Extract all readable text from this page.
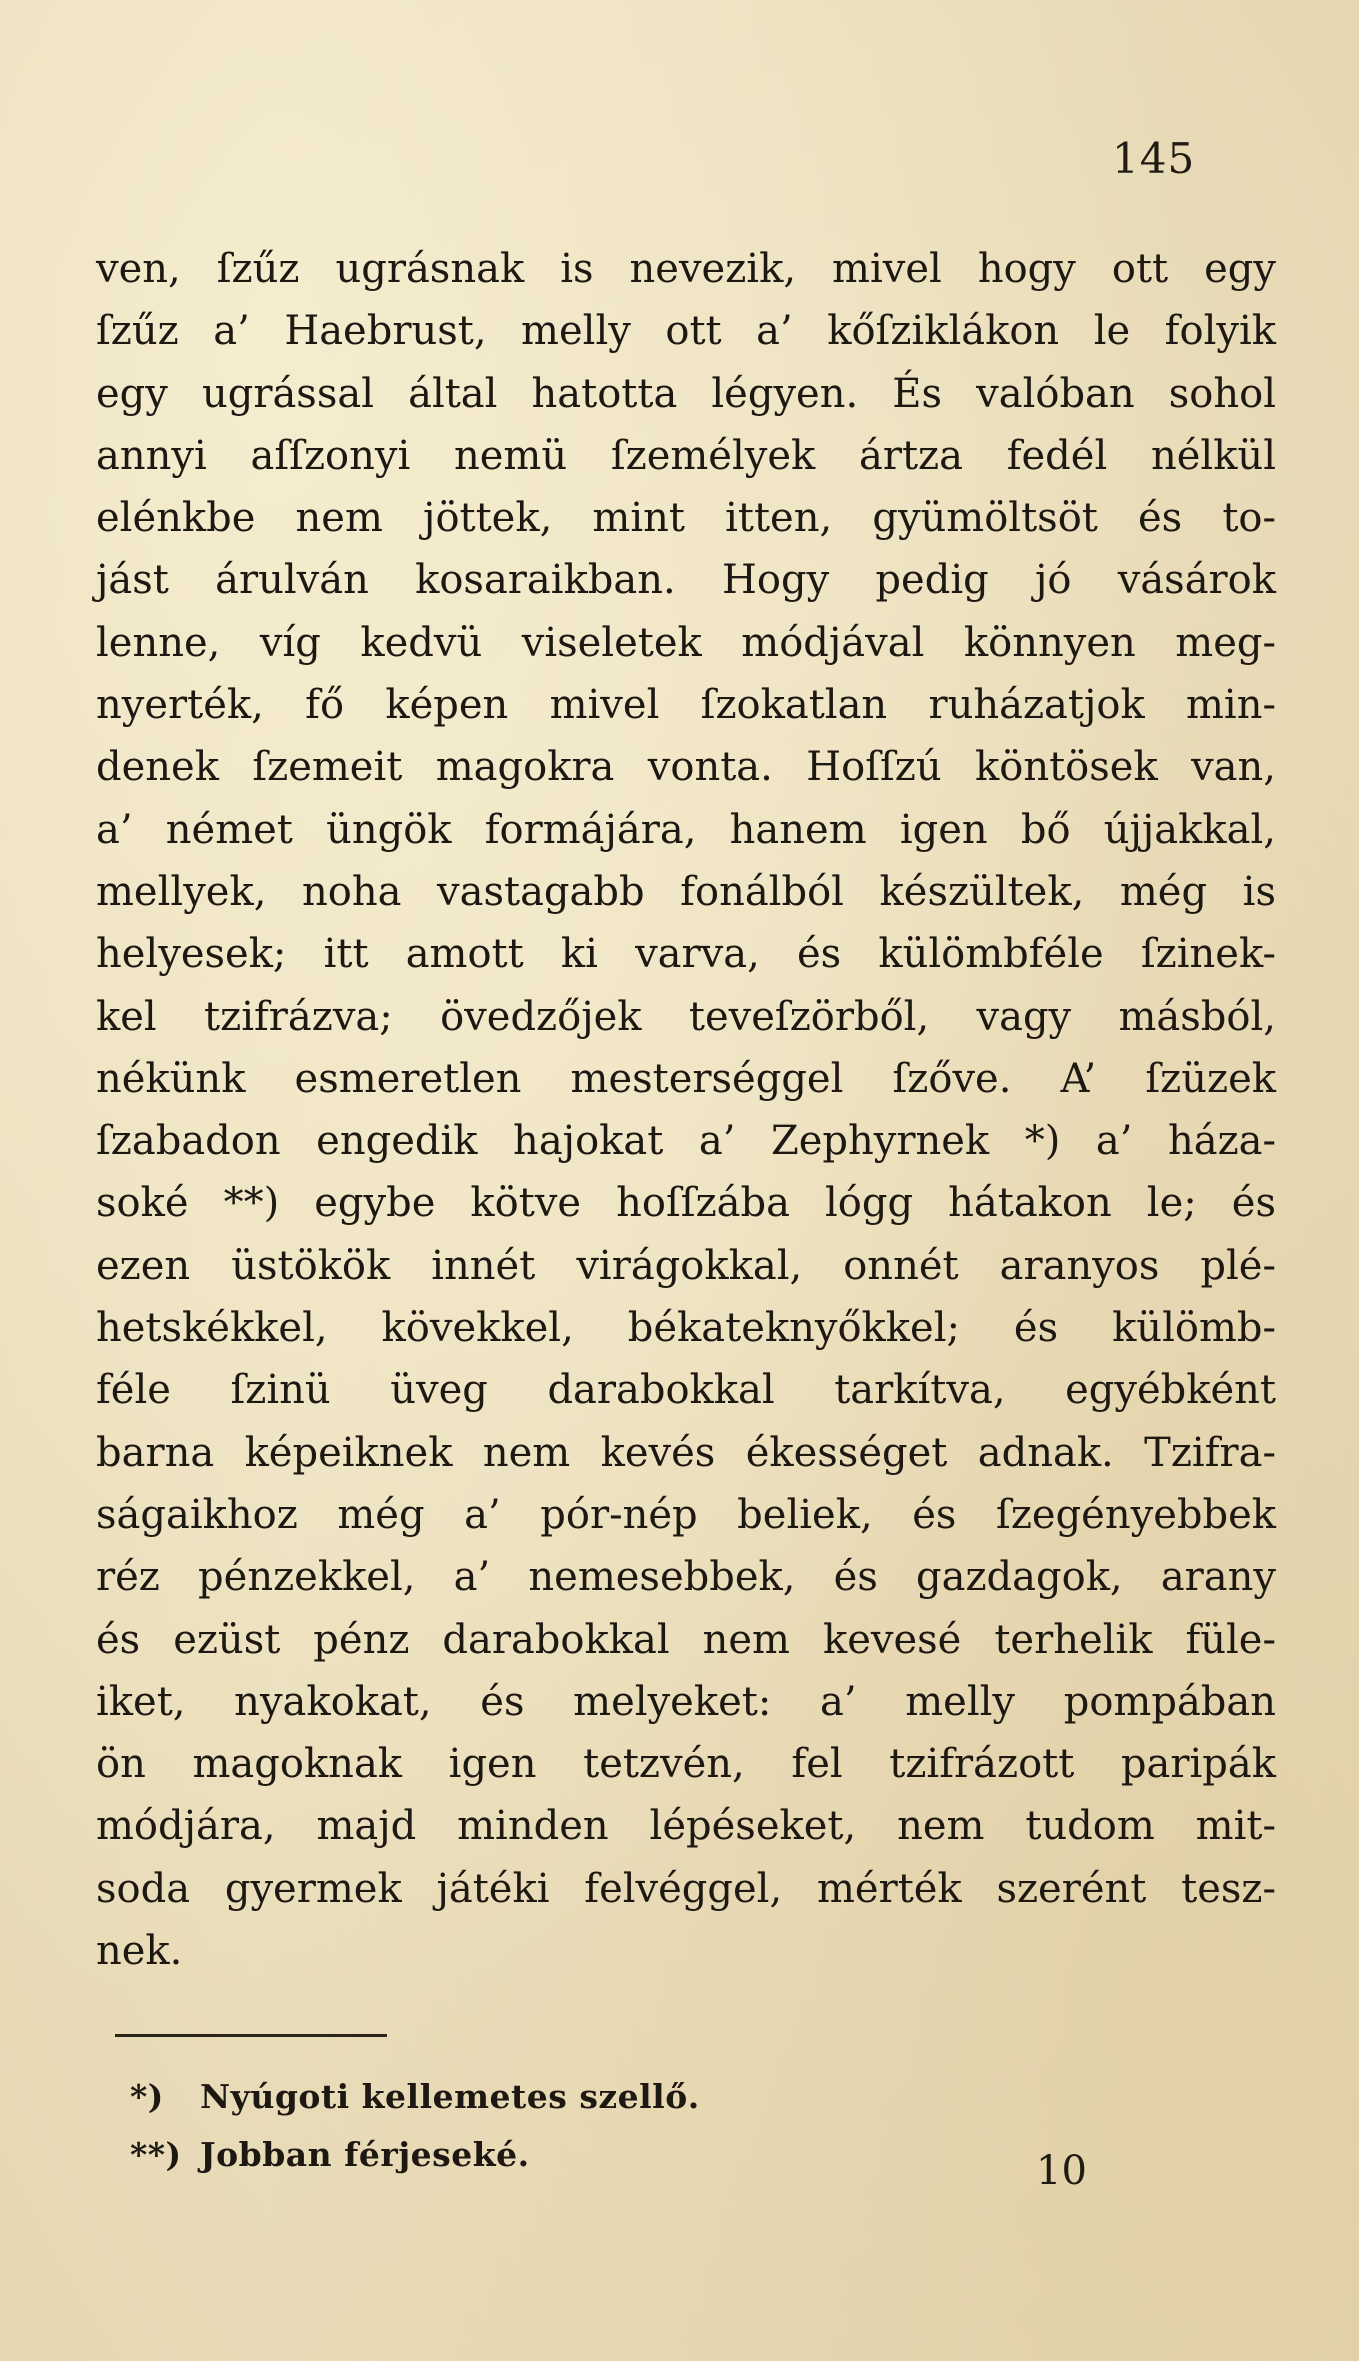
145
ven, ſzűz ugrásnak is nevezik, mivel hogy ott egy
ſzűz a’ Haebrust, melly ott a’ kőſziklákon le folyik
egy ugrással által hatotta légyen. És valóban sohol
annyi aſſzonyi nemü ſzemélyek ártza fedél nélkül
elénkbe nem jöttek, mint itten, gyümöltsöt és to-
jást árulván kosaraikban. Hogy pedig jó vásárok
lenne, víg kedvü viseletek módjával könnyen meg-
nyerték, fő képen mivel ſzokatlan ruházatjok min-
denek ſzemeit magokra vonta. Hoſſzú köntösek van,
a’ német üngök formájára, hanem igen bő újjakkal,
mellyek, noha vastagabb fonálból készültek, még is
helyesek; itt amott ki varva, és külömbféle ſzinek-
kel tzifrázva; övedzőjek teveſzörből, vagy másból,
nékünk esmeretlen mesterséggel ſzőve. A’ ſzüzek
ſzabadon engedik hajokat a’ Zephyrnek *) a’ háza-
soké **) egybe kötve hoſſzába lógg hátakon le; és
ezen üstökök innét virágokkal, onnét aranyos plé-
hetskékkel, kövekkel, békateknyőkkel; és külömb-
féle ſzinü üveg darabokkal tarkítva, egyébként
barna képeiknek nem kevés ékességet adnak. Tzifra-
ságaikhoz még a’ pór-nép beliek, és ſzegényebbek
réz pénzekkel, a’ nemesebbek, és gazdagok, arany
és ezüst pénz darabokkal nem kevesé terhelik füle-
iket, nyakokat, és melyeket: a’ melly pompában
ön magoknak igen tetzvén, fel tzifrázott paripák
módjára, majd minden lépéseket, nem tudom mit-
soda gyermek játéki felvéggel, mérték szerént tesz-
nek.
*) Nyúgoti kellemetes szellő.
**) Jobban férjeseké.	10
